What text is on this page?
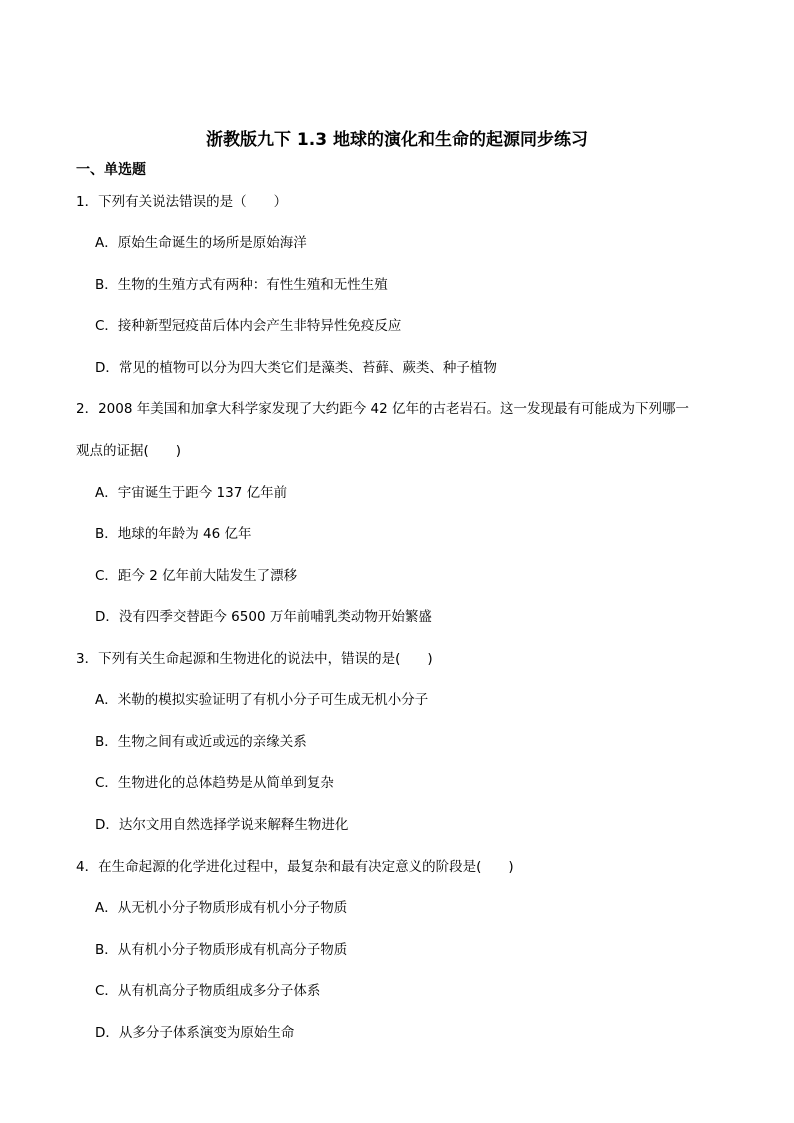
浙教版九下 1.3 地球的演化和生命的起源同步练习
一、单选题
1．下列有关说法错误的是（　　）
A．原始生命诞生的场所是原始海洋
B．生物的生殖方式有两种：有性生殖和无性生殖
C．接种新型冠疫苗后体内会产生非特异性免疫反应
D．常见的植物可以分为四大类它们是藻类、苔藓、蕨类、种子植物
2．2008 年美国和加拿大科学家发现了大约距今 42 亿年的古老岩石。这一发现最有可能成为下列哪一
观点的证据(　　)
A．宇宙诞生于距今 137 亿年前
B．地球的年龄为 46 亿年
C．距今 2 亿年前大陆发生了漂移
D．没有四季交替距今 6500 万年前哺乳类动物开始繁盛
3．下列有关生命起源和生物进化的说法中，错误的是(　　)
A．米勒的模拟实验证明了有机小分子可生成无机小分子
B．生物之间有或近或远的亲缘关系
C．生物进化的总体趋势是从简单到复杂
D．达尔文用自然选择学说来解释生物进化
4．在生命起源的化学进化过程中，最复杂和最有决定意义的阶段是(　　)
A．从无机小分子物质形成有机小分子物质
B．从有机小分子物质形成有机高分子物质
C．从有机高分子物质组成多分子体系
D．从多分子体系演变为原始生命
